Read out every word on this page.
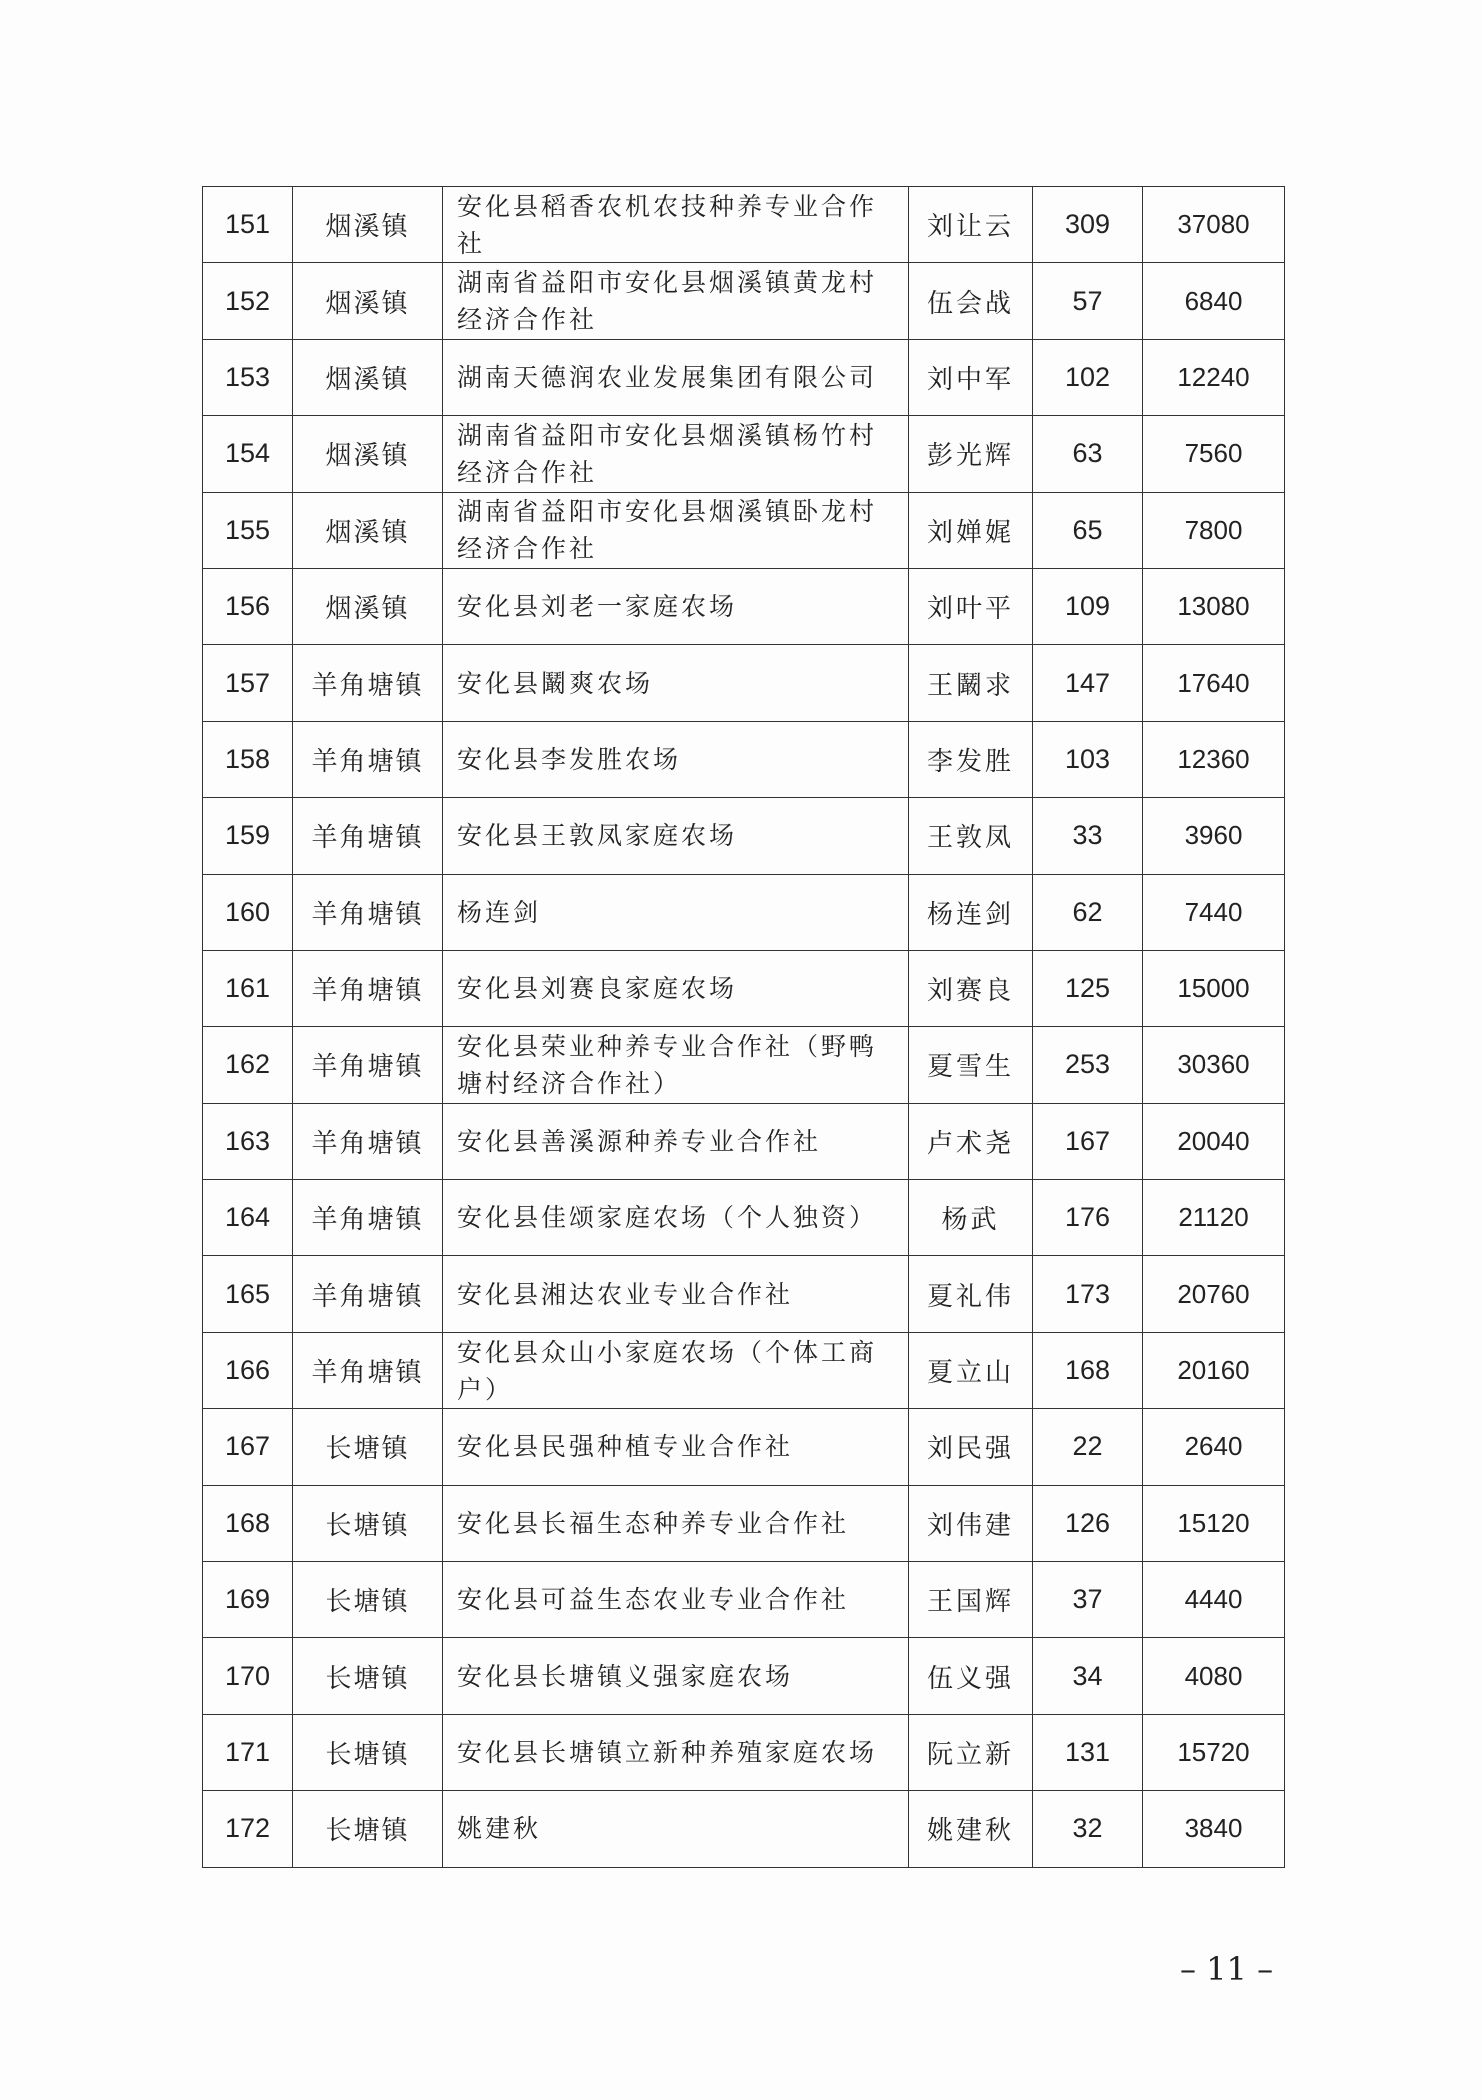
151	烟溪镇	安化县稻香农机农技种养专业合作社	刘让云	309	37080
152	烟溪镇	湖南省益阳市安化县烟溪镇黄龙村经济合作社	伍会战	57	6840
153	烟溪镇	湖南天德润农业发展集团有限公司	刘中军	102	12240
154	烟溪镇	湖南省益阳市安化县烟溪镇杨竹村经济合作社	彭光辉	63	7560
155	烟溪镇	湖南省益阳市安化县烟溪镇卧龙村经济合作社	刘婵娓	65	7800
156	烟溪镇	安化县刘老一家庭农场	刘叶平	109	13080
157	羊角塘镇	安化县鬫爽农场	王鬫求	147	17640
158	羊角塘镇	安化县李发胜农场	李发胜	103	12360
159	羊角塘镇	安化县王敦凤家庭农场	王敦凤	33	3960
160	羊角塘镇	杨连剑	杨连剑	62	7440
161	羊角塘镇	安化县刘赛良家庭农场	刘赛良	125	15000
162	羊角塘镇	安化县荣业种养专业合作社（野鸭塘村经济合作社）	夏雪生	253	30360
163	羊角塘镇	安化县善溪源种养专业合作社	卢术尧	167	20040
164	羊角塘镇	安化县佳颂家庭农场（个人独资）	杨武	176	21120
165	羊角塘镇	安化县湘达农业专业合作社	夏礼伟	173	20760
166	羊角塘镇	安化县众山小家庭农场（个体工商户）	夏立山	168	20160
167	长塘镇	安化县民强种植专业合作社	刘民强	22	2640
168	长塘镇	安化县长福生态种养专业合作社	刘伟建	126	15120
169	长塘镇	安化县可益生态农业专业合作社	王国辉	37	4440
170	长塘镇	安化县长塘镇义强家庭农场	伍义强	34	4080
171	长塘镇	安化县长塘镇立新种养殖家庭农场	阮立新	131	15720
172	长塘镇	姚建秋	姚建秋	32	3840
– 11 –
